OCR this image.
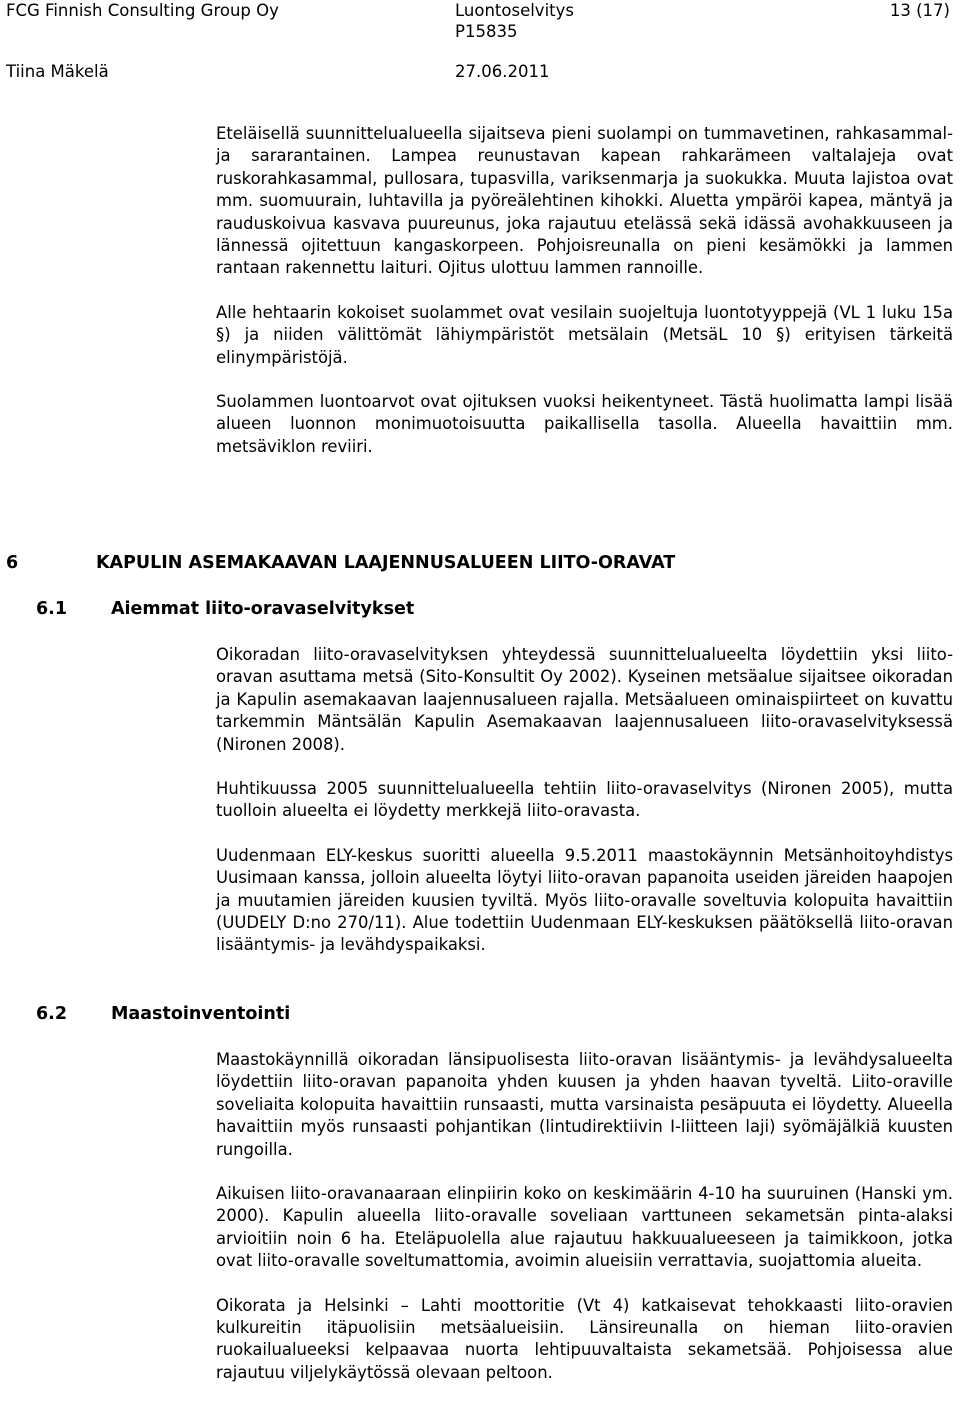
FCG Finnish Consulting Group Oy	Luontoselvitys
P15835
13 (17)
Tiina Mäkelä	27.06.2011

Eteläisellä suunnittelualueella sijaitseva pieni suolampi on tummavetinen, rahkasammal- ja sararantainen. Lampea reunustavan kapean rahkarämeen valtalajeja ovat ruskorahkasammal, pullosara, tupasvilla, variksenmarja ja suokukka. Muuta lajistoa ovat mm. suomuurain, luhtavilla ja pyöreälehtinen kihokki. Aluetta ympäröi kapea, mäntyä ja rauduskoivua kasvava puureunus, joka rajautuu etelässä sekä idässä avohakkuuseen ja lännessä ojitettuun kangaskorpeen. Pohjoisreunalla on pieni kesämökki ja lammen rantaan rakennettu laituri. Ojitus ulottuu lammen rannoille.

Alle hehtaarin kokoiset suolammet ovat vesilain suojeltuja luontotyyppejä (VL 1 luku 15a §) ja niiden välittömät lähiympäristöt metsälain (MetsäL 10 §) erityisen tärkeitä elinympäristöjä.

Suolammen luontoarvot ovat ojituksen vuoksi heikentyneet. Tästä huolimatta lampi lisää alueen luonnon monimuotoisuutta paikallisella tasolla. Alueella havaittiin mm. metsäviklon reviiri.

6	KAPULIN ASEMAKAAVAN LAAJENNUSALUEEN LIITO-ORAVAT
6.1	Aiemmat liito-oravaselvitykset

Oikoradan liito-oravaselvityksen yhteydessä suunnittelualueelta löydettiin yksi liito-oravan asuttama metsä (Sito-Konsultit Oy 2002). Kyseinen metsäalue sijaitsee oikoradan ja Kapulin asemakaavan laajennusalueen rajalla. Metsäalueen ominaispiirteet on kuvattu tarkemmin Mäntsälän Kapulin Asemakaavan laajennusalueen liito-oravaselvityksessä (Nironen 2008).

Huhtikuussa 2005 suunnittelualueella tehtiin liito-oravaselvitys (Nironen 2005), mutta tuolloin alueelta ei löydetty merkkejä liito-oravasta.

Uudenmaan ELY-keskus suoritti alueella 9.5.2011 maastokäynnin Metsänhoitoyhdistys Uusimaan kanssa, jolloin alueelta löytyi liito-oravan papanoita useiden järeiden haapojen ja muutamien järeiden kuusien tyviltä. Myös liito-oravalle soveltuvia kolopuita havaittiin (UUDELY D:no 270/11). Alue todettiin Uudenmaan ELY-keskuksen päätöksellä liito-oravan lisääntymis- ja levähdyspaikaksi.

6.2	Maastoinventointi

Maastokäynnillä oikoradan länsipuolisesta liito-oravan lisääntymis- ja levähdysalueelta löydettiin liito-oravan papanoita yhden kuusen ja yhden haavan tyveltä. Liito-oraville soveliaita kolopuita havaittiin runsaasti, mutta varsinaista pesäpuuta ei löydetty. Alueella havaittiin myös runsaasti pohjantikan (lintudirektiivin I-liitteen laji) syömäjälkiä kuusten rungoilla.

Aikuisen liito-oravanaaraan elinpiirin koko on keskimäärin 4-10 ha suuruinen (Hanski ym. 2000). Kapulin alueella liito-oravalle soveliaan varttuneen sekametsän pinta-alaksi arvioitiin noin 6 ha. Eteläpuolella alue rajautuu hakkuualueeseen ja taimikkoon, jotka ovat liito-oravalle soveltumattomia, avoimin alueisiin verrattavia, suojattomia alueita.

Oikorata ja Helsinki – Lahti moottoritie (Vt 4) katkaisevat tehokkaasti liito-oravien kulkureitin itäpuolisiin metsäalueisiin. Länsireunalla on hieman liito-oravien ruokailualueeksi kelpaavaa nuorta lehtipuuvaltaista sekametsää. Pohjoisessa alue rajautuu viljelykäytössä olevaan peltoon.
